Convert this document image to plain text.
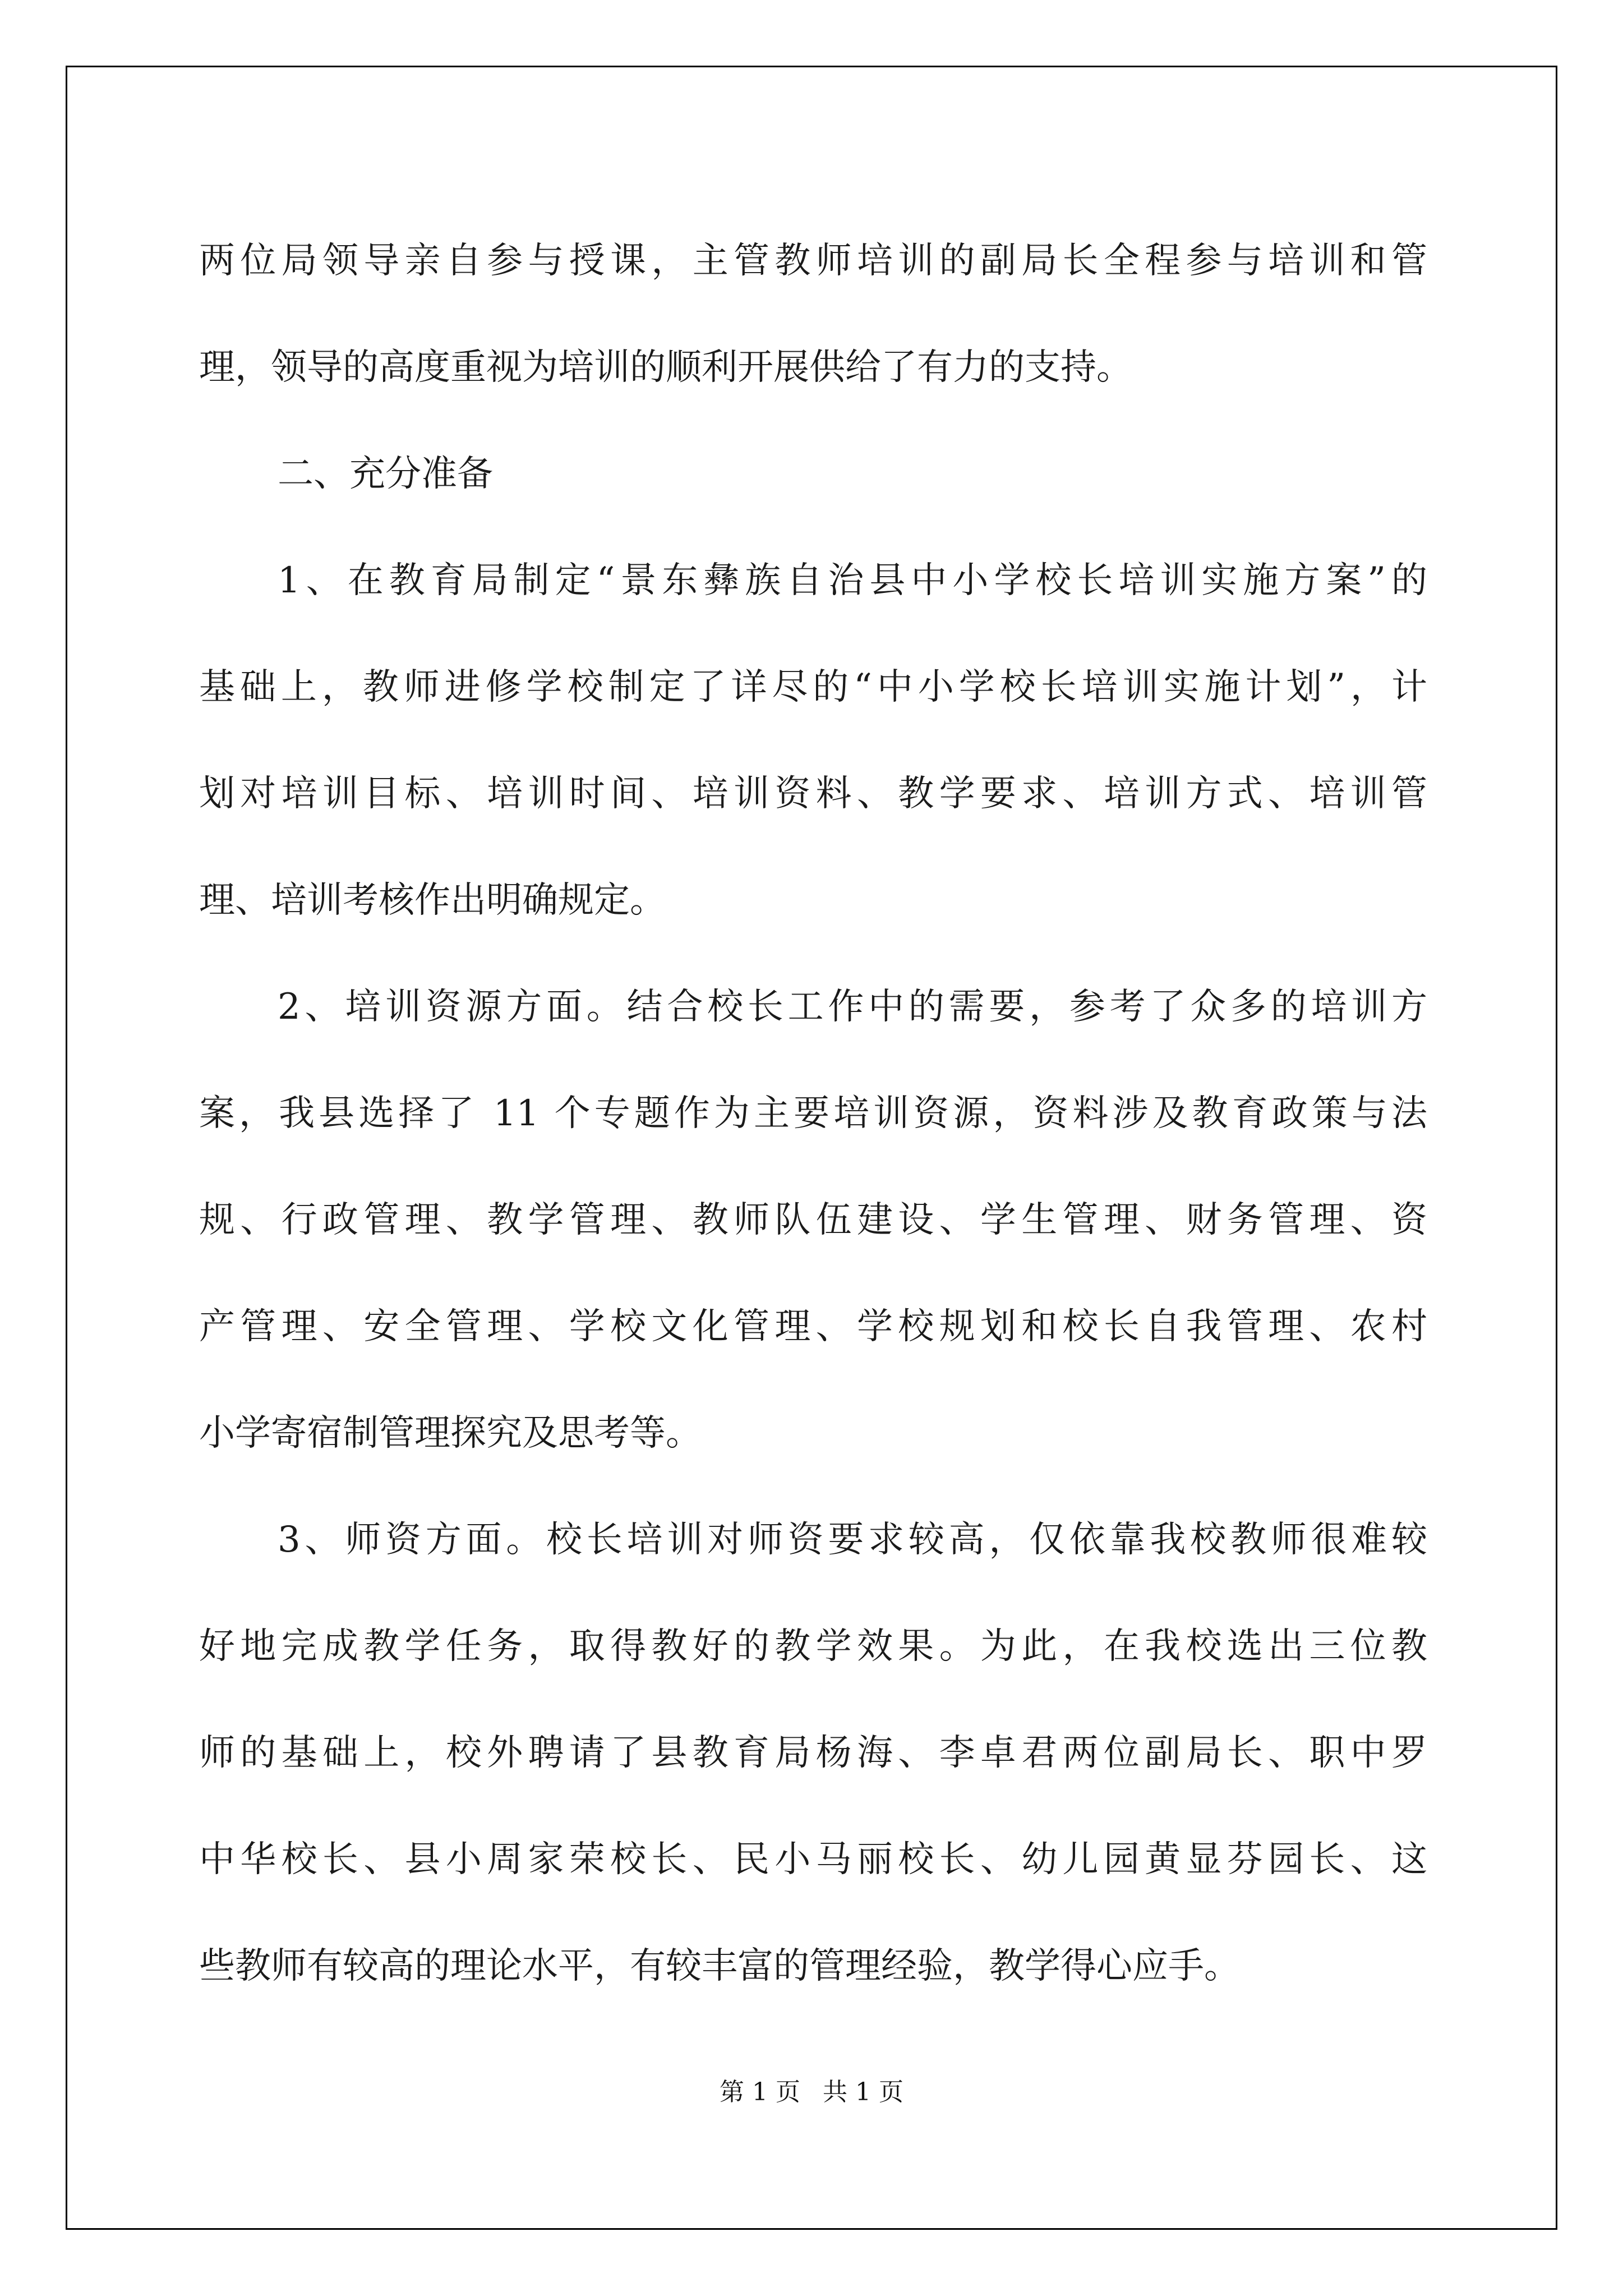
两位局领导亲自参与授课，主管教师培训的副局长全程参与培训和管
理，领导的高度重视为培训的顺利开展供给了有力的支持。
二、充分准备
1、在教育局制定“景东彝族自治县中小学校长培训实施方案”的
基础上，教师进修学校制定了详尽的“中小学校长培训实施计划”，计
划对培训目标、培训时间、培训资料、教学要求、培训方式、培训管
理、培训考核作出明确规定。
2、培训资源方面。结合校长工作中的需要，参考了众多的培训方
案，我县选择了 11 个专题作为主要培训资源，资料涉及教育政策与法
规、行政管理、教学管理、教师队伍建设、学生管理、财务管理、资
产管理、安全管理、学校文化管理、学校规划和校长自我管理、农村
小学寄宿制管理探究及思考等。
3、师资方面。校长培训对师资要求较高，仅依靠我校教师很难较
好地完成教学任务，取得教好的教学效果。为此，在我校选出三位教
师的基础上，校外聘请了县教育局杨海、李卓君两位副局长、职中罗
中华校长、县小周家荣校长、民小马丽校长、幼儿园黄显芬园长、这
些教师有较高的理论水平，有较丰富的管理经验，教学得心应手。
第 1 页 共 1 页
